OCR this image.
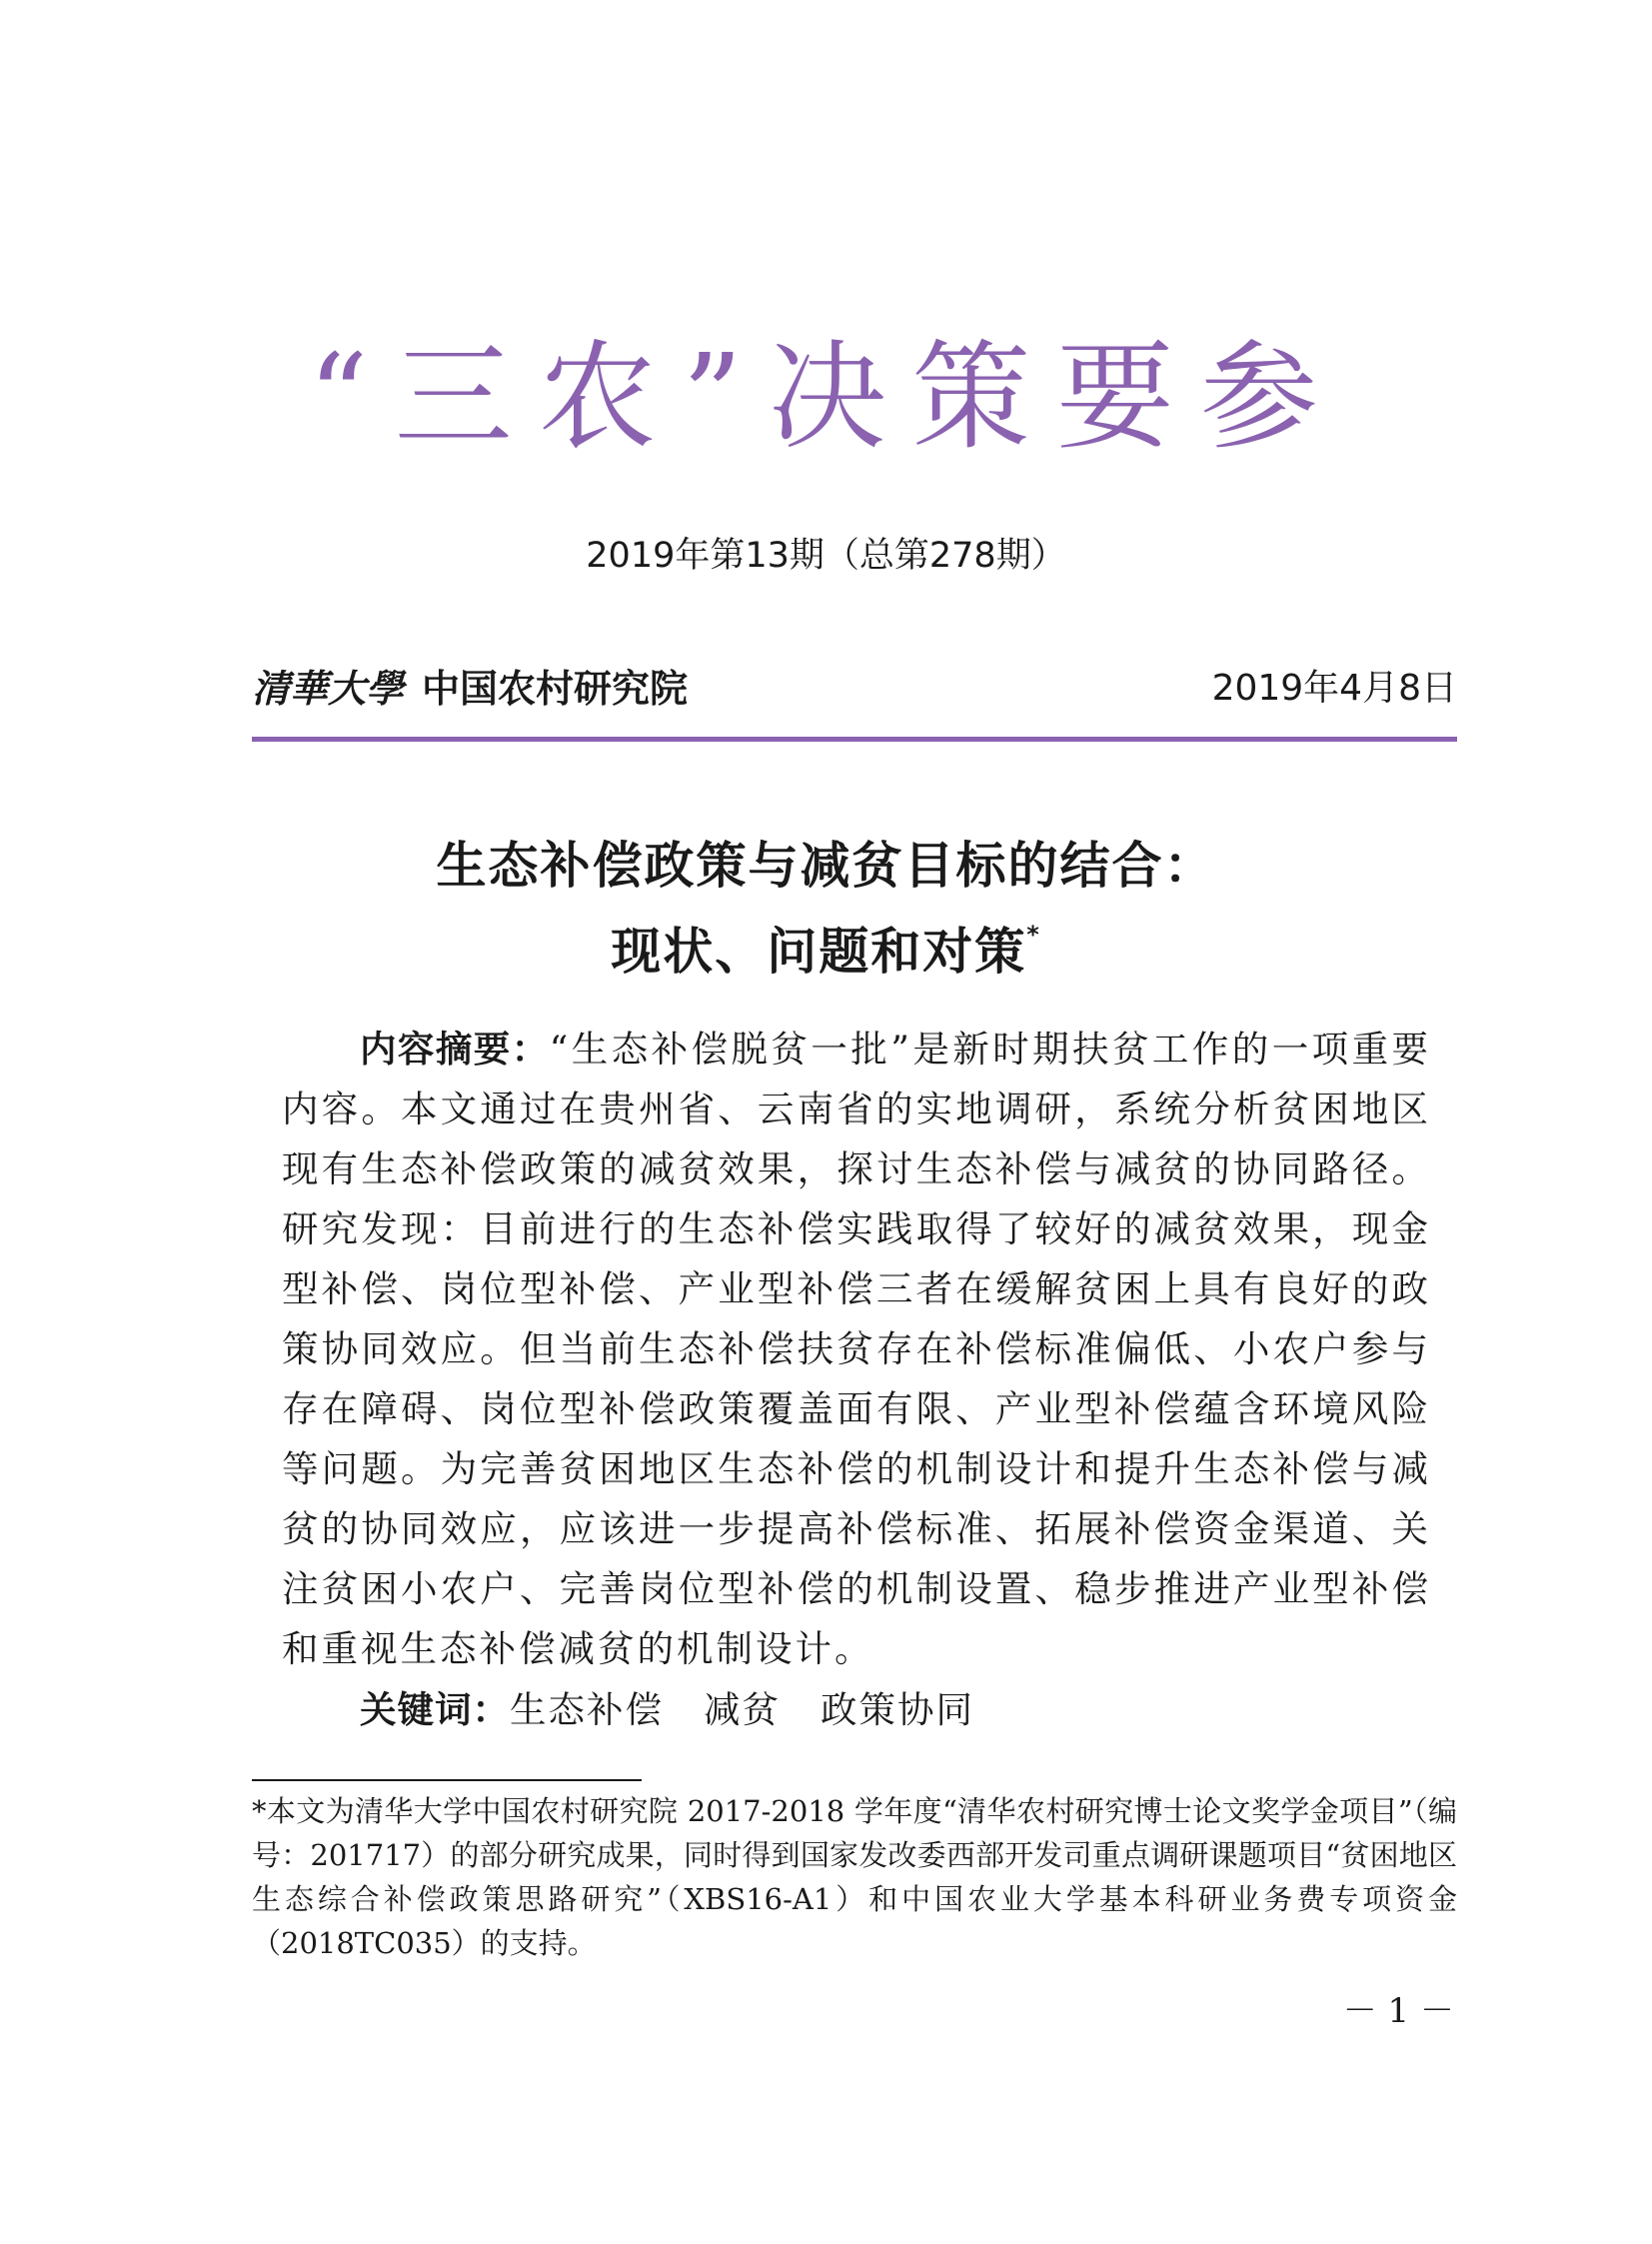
“三农”决策要参
2019年第13期（总第278期）
清華大學 中国农村研究院	2019年4月8日
生态补偿政策与减贫目标的结合：
现状、问题和对策*

内容摘要：“生态补偿脱贫一批”是新时期扶贫工作的一项重要内容。本文通过在贵州省、云南省的实地调研，系统分析贫困地区现有生态补偿政策的减贫效果，探讨生态补偿与减贫的协同路径。研究发现：目前进行的生态补偿实践取得了较好的减贫效果，现金型补偿、岗位型补偿、产业型补偿三者在缓解贫困上具有良好的政策协同效应。但当前生态补偿扶贫存在补偿标准偏低、小农户参与存在障碍、岗位型补偿政策覆盖面有限、产业型补偿蕴含环境风险等问题。为完善贫困地区生态补偿的机制设计和提升生态补偿与减贫的协同效应，应该进一步提高补偿标准、拓展补偿资金渠道、关注贫困小农户、完善岗位型补偿的机制设置、稳步推进产业型补偿和重视生态补偿减贫的机制设计。

关键词：生态补偿 减贫 政策协同

*本文为清华大学中国农村研究院 2017-2018 学年度“清华农村研究博士论文奖学金项目”（编号：201717）的部分研究成果，同时得到国家发改委西部开发司重点调研课题项目“贫困地区生态综合补偿政策思路研究”（XBS16-A1）和中国农业大学基本科研业务费专项资金（2018TC035）的支持。

－ 1 －
